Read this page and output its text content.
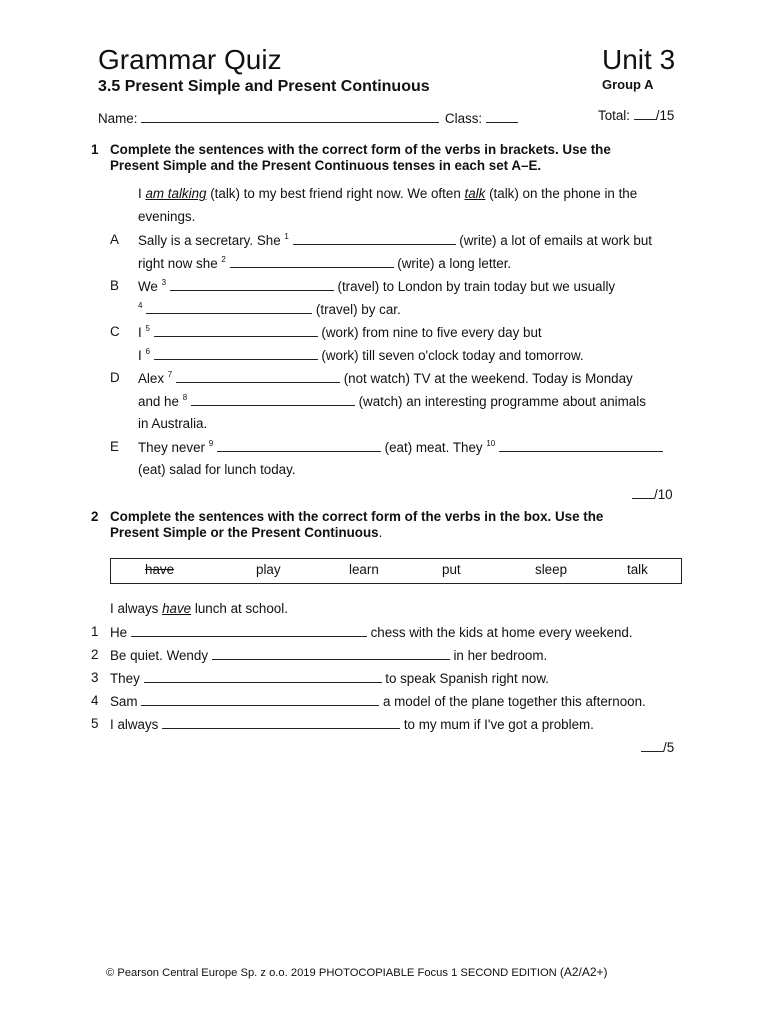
Grammar Quiz	Unit 3
3.5 Present Simple and Present Continuous	Group A
Name:	Class:	Total: /15
1 Complete the sentences with the correct form of the verbs in brackets. Use the
Present Simple and the Present Continuous tenses in each set A–E.
I am talking (talk) to my best friend right now. We often talk (talk) on the phone in the
evenings.
A Sally is a secretary. She $^1$	(write) a lot of emails at work but
right now she $^2$	(write) a long letter.
B We $^3$	(travel) to London by train today but we usually
$^4$	(travel) by car.
C I $^5$	(work) from nine to five every day but
I $^6$	(work) till seven o'clock today and tomorrow.
D Alex $^7$	(not watch) TV at the weekend. Today is Monday
and he $^8$	(watch) an interesting programme about animals
in Australia.
E They never $^9$	(eat) meat. They $^{10}$
(eat) salad for lunch today.
/10
2 Complete the sentences with the correct form of the verbs in the box. Use the
Present Simple or the Present Continuous.
have	play	learn	put	sleep	talk
I always have lunch at school.
1 He	chess with the kids at home every weekend.
2 Be quiet. Wendy	in her bedroom.
3 They	to speak Spanish right now.
4 Sam	a model of the plane together this afternoon.
5 I always	to my mum if I've got a problem.
/5
© Pearson Central Europe Sp. z o.o. 2019 PHOTOCOPIABLE Focus 1 SECOND EDITION (A2/A2+)
